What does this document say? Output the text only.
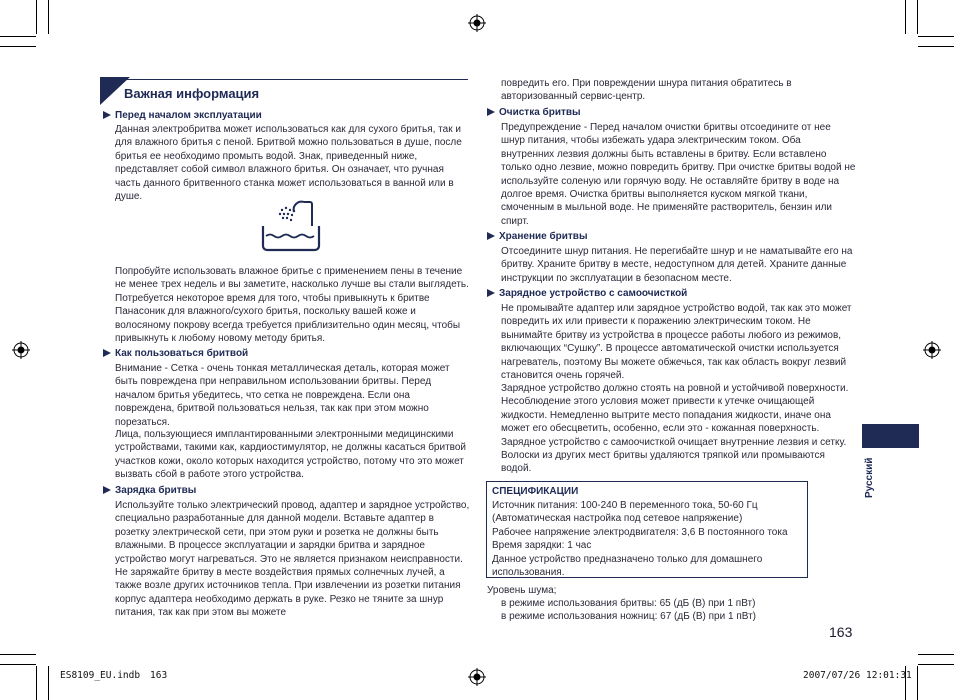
Важная информация
Перед началом эксплуатации
Данная электробритва может использоваться как для сухого бритья, так и для влажного бритья с пеной. Бритвой можно пользоваться в душе, после бритья ее необходимо промыть водой. Знак, приведенный ниже, представляет собой символ влажного бритья. Он означает, что ручная часть данного бритвенного станка может использоваться в ванной или в душе.
Попробуйте использовать влажное бритье с применением пены в течение не менее трех недель и вы заметите, насколько лучше вы стали выглядеть. Потребуется некоторое время для того, чтобы привыкнуть к бритве Панасоник для влажного/сухого бритья, поскольку вашей коже и волосяному покрову всегда требуется приблизительно один месяц, чтобы привыкнуть к любому новому методу бритья.
Как пользоваться бритвой
Внимание - Сетка - очень тонкая металлическая деталь, которая может быть повреждена при неправильном использовании бритвы. Перед началом бритья убедитесь, что сетка не повреждена. Если она повреждена, бритвой пользоваться нельзя, так как при этом можно порезаться.
Лица, пользующиеся имплантированными электронными медицинскими устройствами, такими как, кардиостимулятор, не должны касаться бритвой участков кожи, около которых находится устройство, потому что это может вызвать сбой в работе этого устройства.
Зарядка бритвы
Используйте только электрический провод, адаптер и зарядное устройство, специально разработанные для данной модели. Вставьте адаптер в розетку электрической сети, при этом руки и розетка не должны быть влажными. В процессе эксплуатации и зарядки бритва и зарядное устройство могут нагреваться. Это не является признаком неисправности. Не заряжайте бритву в месте воздействия прямых солнечных лучей, а также возле других источников тепла. При извлечении из розетки питания корпус адаптера необходимо держать в руке. Резко не тяните за шнур питания, так как при этом вы можете
повредить его. При повреждении шнура питания обратитесь в авторизованный сервис-центр.
Очистка бритвы
Предупреждение - Перед началом очистки бритвы отсоедините от нее шнур питания, чтобы избежать удара электрическим током. Оба внутренних лезвия должны быть вставлены в бритву. Если вставлено только одно лезвие, можно повредить бритву. При очистке бритвы водой не используйте соленую или горячую воду. Не оставляйте бритву в воде на долгое время. Очистка бритвы выполняется куском мягкой ткани, смоченным в мыльной воде. Не применяйте растворитель, бензин или спирт.
Хранение бритвы
Отсоедините шнур питания. Не перегибайте шнур и не наматывайте его на бритву. Храните бритву в месте, недоступном для детей. Храните данные инструкции по эксплуатации в безопасном месте.
Зарядное устройство с самоочисткой
Не промывайте адаптер или зарядное устройство водой, так как это может повредить их или привести к поражению электрическим током. Не вынимайте бритву из устройства в процессе работы любого из режимов, включающих “Сушку”. В процессе автоматической очистки используется нагреватель, поэтому Вы можете обжечься, так как область вокруг лезвий становится очень горячей.
Зарядное устройство должно стоять на ровной и устойчивой поверхности. Несоблюдение этого условия может привести к утечке очищающей жидкости. Немедленно вытрите место попадания жидкости, иначе она может его обесцветить, особенно, если это - кожанная поверхность. Зарядное устройство с самоочисткой очищает внутренние лезвия и сетку. Волоски из других мест бритвы удаляются тряпкой или промываются водой.
СПЕЦИФИКАЦИИ
Источник питания: 100-240 В переменного тока, 50-60 Гц
(Автоматическая настройка под сетевое напряжение)
Рабочее напряжение электродвигателя: 3,6 В постоянного тока
Время зарядки: 1 час
Данное устройство предназначено только для домашнего использования.
Уровень шума;
в режиме использования бритвы: 65 (дБ (B) при 1 пВт)
в режиме использования ножниц: 67 (дБ (B) при 1 пВт)
Русский
163
ES8109_EU.indb 163	2007/07/26 12:01:31
